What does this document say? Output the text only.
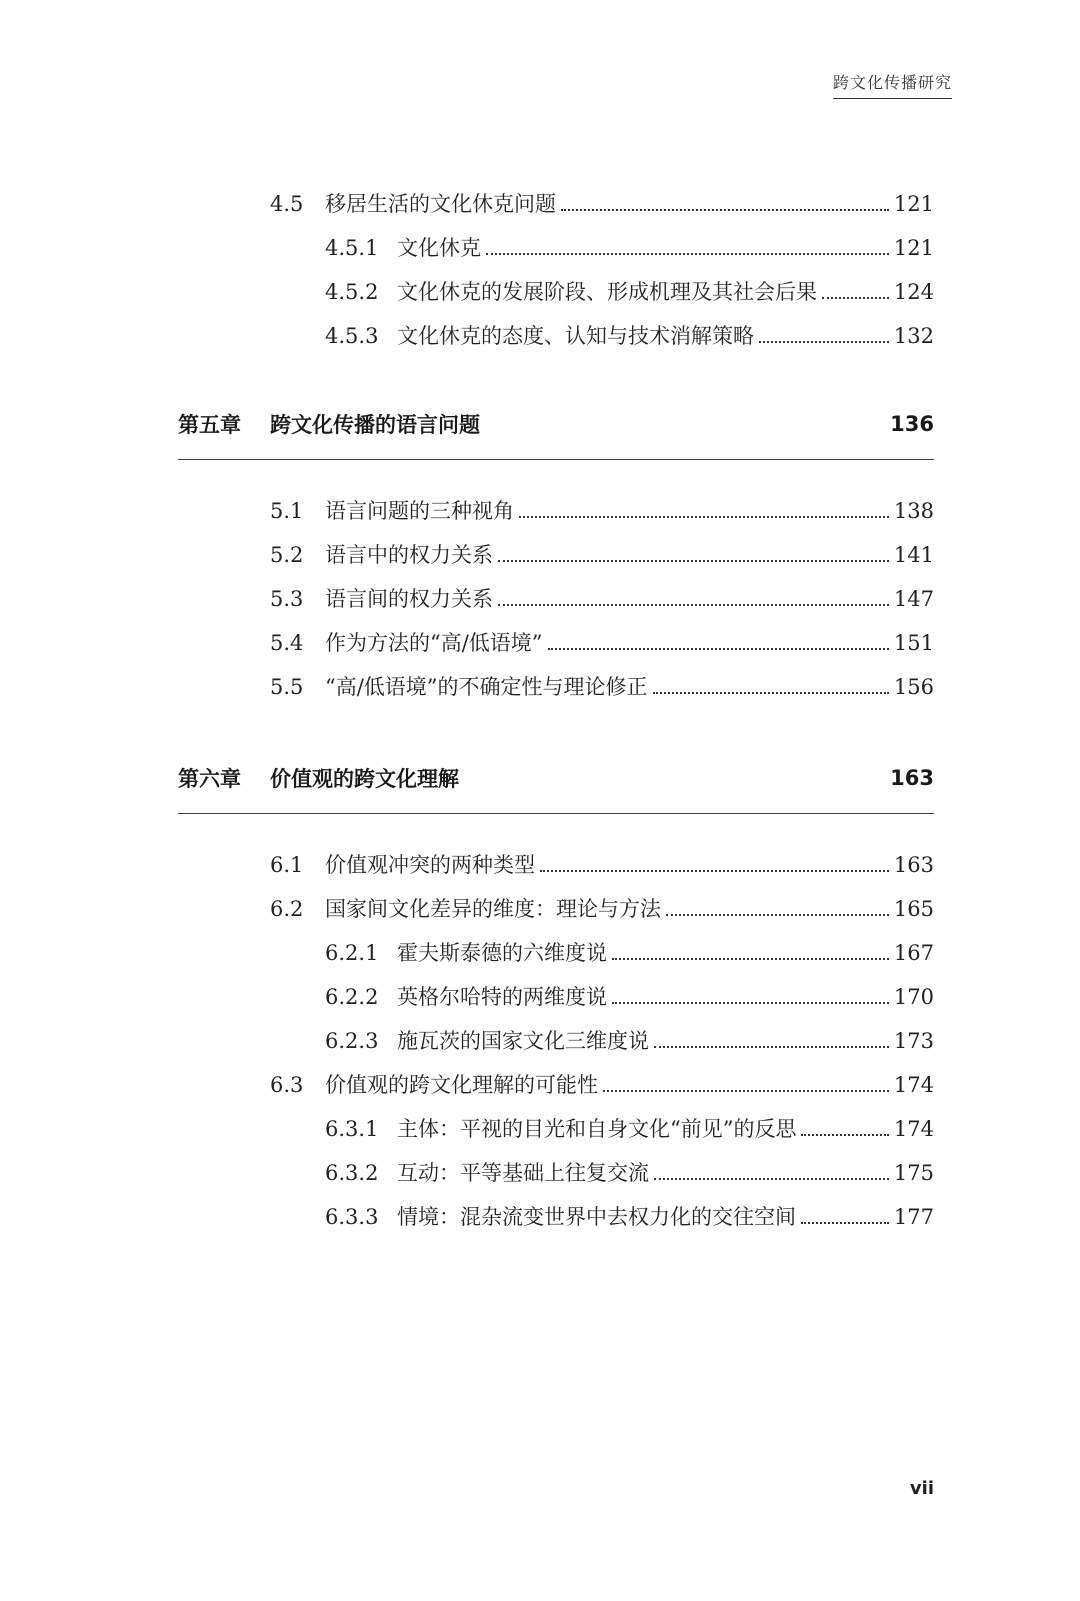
跨文化传播研究
4.5	移居生活的文化休克问题	121
4.5.1 文化休克	121
4.5.2 文化休克的发展阶段、形成机理及其社会后果	124
4.5.3 文化休克的态度、认知与技术消解策略	132
第五章	跨文化传播的语言问题	136
5.1	语言问题的三种视角	138
5.2	语言中的权力关系	141
5.3	语言间的权力关系	147
5.4	作为方法的“高/低语境”	151
5.5	“高/低语境”的不确定性与理论修正	156
第六章	价值观的跨文化理解	163
6.1	价值观冲突的两种类型	163
6.2	国家间文化差异的维度：理论与方法	165
6.2.1 霍夫斯泰德的六维度说	167
6.2.2 英格尔哈特的两维度说	170
6.2.3 施瓦茨的国家文化三维度说	173
6.3	价值观的跨文化理解的可能性	174
6.3.1 主体：平视的目光和自身文化“前见”的反思	174
6.3.2 互动：平等基础上往复交流	175
6.3.3 情境：混杂流变世界中去权力化的交往空间	177
vii
